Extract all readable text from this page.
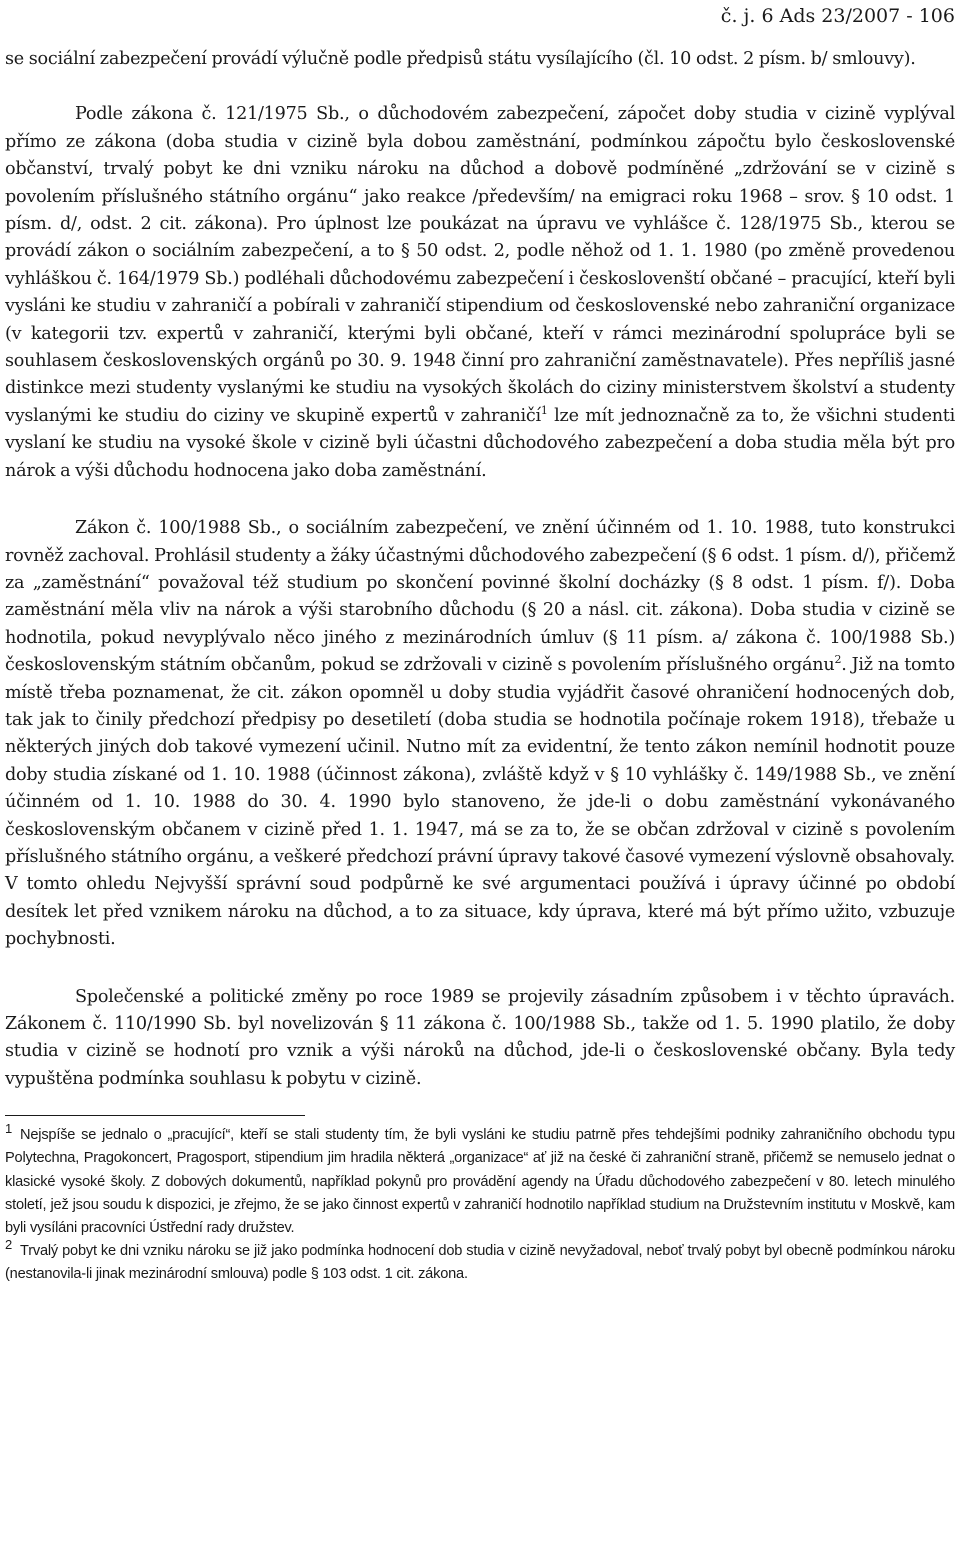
č. j. 6 Ads 23/2007 - 106

se sociální zabezpečení provádí výlučně podle předpisů státu vysílajícího (čl. 10 odst. 2 písm. b/ smlouvy).

Podle zákona č. 121/1975 Sb., o důchodovém zabezpečení, zápočet doby studia v cizině vyplýval přímo ze zákona (doba studia v cizině byla dobou zaměstnání, podmínkou zápočtu bylo československé občanství, trvalý pobyt ke dni vzniku nároku na důchod a dobově podmíněné „zdržování se v cizině s povolením příslušného státního orgánu“ jako reakce /především/ na emigraci roku 1968 – srov. § 10 odst. 1 písm. d/, odst. 2 cit. zákona). Pro úplnost lze poukázat na úpravu ve vyhlášce č. 128/1975 Sb., kterou se provádí zákon o sociálním zabezpečení, a to § 50 odst. 2, podle něhož od 1. 1. 1980 (po změně provedenou vyhláškou č. 164/1979 Sb.) podléhali důchodovému zabezpečení i českoslovenští občané – pracující, kteří byli vysláni ke studiu v zahraničí a pobírali v zahraničí stipendium od československé nebo zahraniční organizace (v kategorii tzv. expertů v zahraničí, kterými byli občané, kteří v rámci mezinárodní spolupráce byli se souhlasem československých orgánů po 30. 9. 1948 činní pro zahraniční zaměstnavatele). Přes nepříliš jasné distinkce mezi studenty vyslanými ke studiu na vysokých školách do ciziny ministerstvem školství a studenty vyslanými ke studiu do ciziny ve skupině expertů v zahraničí$^1$ lze mít jednoznačně za to, že všichni studenti vyslaní ke studiu na vysoké škole v cizině byli účastni důchodového zabezpečení a doba studia měla být pro nárok a výši důchodu hodnocena jako doba zaměstnání.

Zákon č. 100/1988 Sb., o sociálním zabezpečení, ve znění účinném od 1. 10. 1988, tuto konstrukci rovněž zachoval. Prohlásil studenty a žáky účastnými důchodového zabezpečení (§ 6 odst. 1 písm. d/), přičemž za „zaměstnání“ považoval též studium po skončení povinné školní docházky (§ 8 odst. 1 písm. f/). Doba zaměstnání měla vliv na nárok a výši starobního důchodu (§ 20 a násl. cit. zákona). Doba studia v cizině se hodnotila, pokud nevyplývalo něco jiného z mezinárodních úmluv (§ 11 písm. a/ zákona č. 100/1988 Sb.) československým státním občanům, pokud se zdržovali v cizině s povolením příslušného orgánu$^2$. Již na tomto místě třeba poznamenat, že cit. zákon opomněl u doby studia vyjádřit časové ohraničení hodnocených dob, tak jak to činily předchozí předpisy po desetiletí (doba studia se hodnotila počínaje rokem 1918), třebaže u některých jiných dob takové vymezení učinil. Nutno mít za evidentní, že tento zákon nemínil hodnotit pouze doby studia získané od 1. 10. 1988 (účinnost zákona), zvláště když v § 10 vyhlášky č. 149/1988 Sb., ve znění účinném od 1. 10. 1988 do 30. 4. 1990 bylo stanoveno, že jde-li o dobu zaměstnání vykonávaného československým občanem v cizině před 1. 1. 1947, má se za to, že se občan zdržoval v cizině s povolením příslušného státního orgánu, a veškeré předchozí právní úpravy takové časové vymezení výslovně obsahovaly. V tomto ohledu Nejvyšší správní soud podpůrně ke své argumentaci používá i úpravy účinné po období desítek let před vznikem nároku na důchod, a to za situace, kdy úprava, které má být přímo užito, vzbuzuje pochybnosti.

Společenské a politické změny po roce 1989 se projevily zásadním způsobem i v těchto úpravách. Zákonem č. 110/1990 Sb. byl novelizován § 11 zákona č. 100/1988 Sb., takže od 1. 5. 1990 platilo, že doby studia v cizině se hodnotí pro vznik a výši nároků na důchod, jde-li o československé občany. Byla tedy vypuštěna podmínka souhlasu k pobytu v cizině.

1 Nejspíše se jednalo o „pracující“, kteří se stali studenty tím, že byli vysláni ke studiu patrně přes tehdejšími podniky zahraničního obchodu typu Polytechna, Pragokoncert, Pragosport, stipendium jim hradila některá „organizace“ ať již na české či zahraniční straně, přičemž se nemuselo jednat o klasické vysoké školy. Z dobových dokumentů, například pokynů pro provádění agendy na Úřadu důchodového zabezpečení v 80. letech minulého století, jež jsou soudu k dispozici, je zřejmo, že se jako činnost expertů v zahraničí hodnotilo například studium na Družstevním institutu v Moskvě, kam byli vysíláni pracovníci Ústřední rady družstev.

2 Trvalý pobyt ke dni vzniku nároku se již jako podmínka hodnocení dob studia v cizině nevyžadoval, neboť trvalý pobyt byl obecně podmínkou nároku (nestanovila-li jinak mezinárodní smlouva) podle § 103 odst. 1 cit. zákona.
